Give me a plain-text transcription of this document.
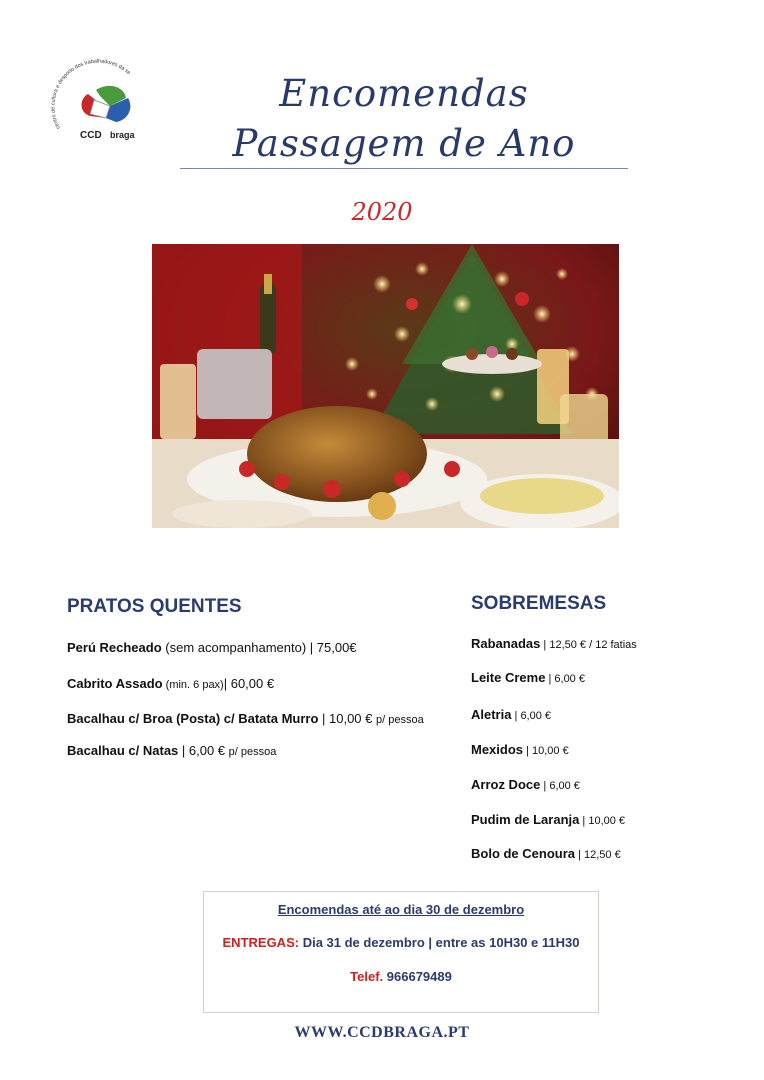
centro de cultura e desporto dos trabalhadores da se
CCD braga
Encomendas
Passagem de Ano
2020
PRATOS QUENTES
Perú Recheado (sem acompanhamento) | 75,00€
Cabrito Assado (min. 6 pax)| 60,00 €
Bacalhau c/ Broa (Posta) c/ Batata Murro | 10,00 € p/ pessoa
Bacalhau c/ Natas | 6,00 € p/ pessoa
SOBREMESAS
Rabanadas | 12,50 € / 12 fatias
Leite Creme | 6,00 €
Aletria | 6,00 €
Mexidos | 10,00 €
Arroz Doce | 6,00 €
Pudim de Laranja | 10,00 €
Bolo de Cenoura | 12,50 €
Encomendas até ao dia 30 de dezembro
ENTREGAS: Dia 31 de dezembro | entre as 10H30 e 11H30
Telef. 966679489
WWW.CCDBRAGA.PT
